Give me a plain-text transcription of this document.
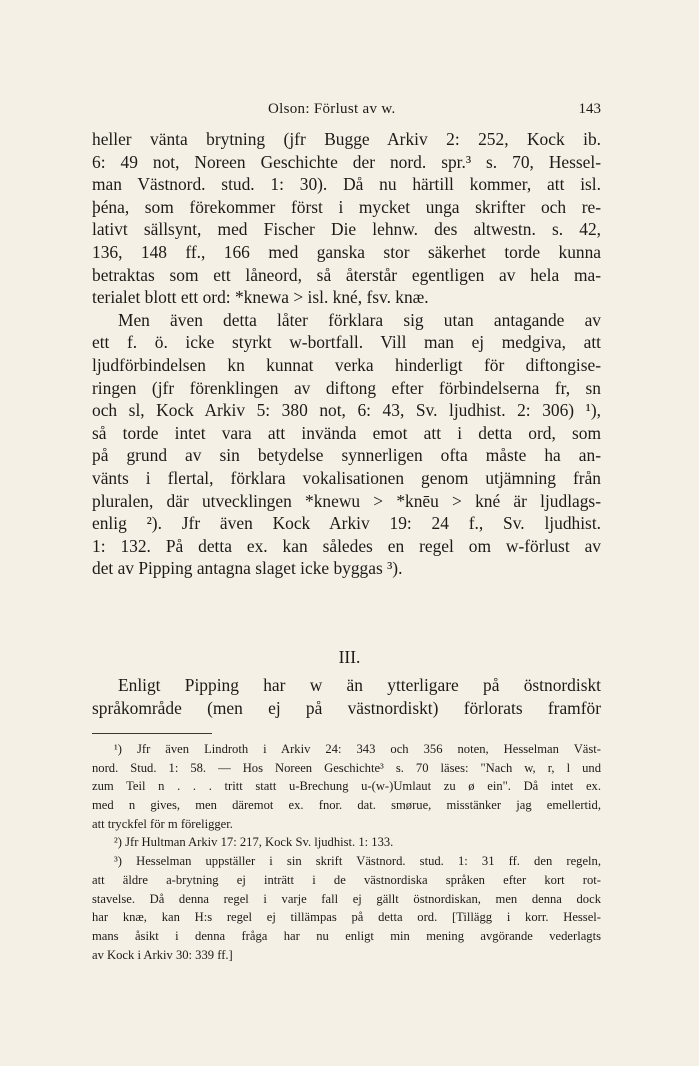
Olson: Förlust av w.	143
heller vänta brytning (jfr Bugge Arkiv 2: 252, Kock ib.
6: 49 not, Noreen Geschichte der nord. spr.³ s. 70, Hessel-
man Västnord. stud. 1: 30). Då nu härtill kommer, att isl.
þéna, som förekommer först i mycket unga skrifter och re-
lativt sällsynt, med Fischer Die lehnw. des altwestn. s. 42,
136, 148 ff., 166 med ganska stor säkerhet torde kunna
betraktas som ett låneord, så återstår egentligen av hela ma-
terialet blott ett ord: *knewa > isl. kné, fsv. knæ.
Men även detta låter förklara sig utan antagande av
ett f. ö. icke styrkt w-bortfall. Vill man ej medgiva, att
ljudförbindelsen kn kunnat verka hinderligt för diftongise-
ringen (jfr förenklingen av diftong efter förbindelserna fr, sn
och sl, Kock Arkiv 5: 380 not, 6: 43, Sv. ljudhist. 2: 306) ¹),
så torde intet vara att invända emot att i detta ord, som
på grund av sin betydelse synnerligen ofta måste ha an-
vänts i flertal, förklara vokalisationen genom utjämning från
pluralen, där utvecklingen *knewu > *knēu > kné är ljudlags-
enlig ²). Jfr även Kock Arkiv 19: 24 f., Sv. ljudhist.
1: 132. På detta ex. kan således en regel om w-förlust av
det av Pipping antagna slaget icke byggas ³).
III.
Enligt Pipping har w än ytterligare på östnordiskt
språkområde (men ej på västnordiskt) förlorats framför
¹) Jfr även Lindroth i Arkiv 24: 343 och 356 noten, Hesselman Väst-
nord. Stud. 1: 58. — Hos Noreen Geschichte³ s. 70 läses: "Nach w, r, l und
zum Teil n . . . tritt statt u-Brechung u-(w-)Umlaut zu ø ein". Då intet ex.
med n gives, men däremot ex. fnor. dat. smørue, misstänker jag emellertid,
att tryckfel för m föreligger.
²) Jfr Hultman Arkiv 17: 217, Kock Sv. ljudhist. 1: 133.
³) Hesselman uppställer i sin skrift Västnord. stud. 1: 31 ff. den regeln,
att äldre a-brytning ej inträtt i de västnordiska språken efter kort rot-
stavelse. Då denna regel i varje fall ej gällt östnordiskan, men denna dock
har knæ, kan H:s regel ej tillämpas på detta ord. [Tillägg i korr. Hessel-
mans åsikt i denna fråga har nu enligt min mening avgörande vederlagts
av Kock i Arkiv 30: 339 ff.]
